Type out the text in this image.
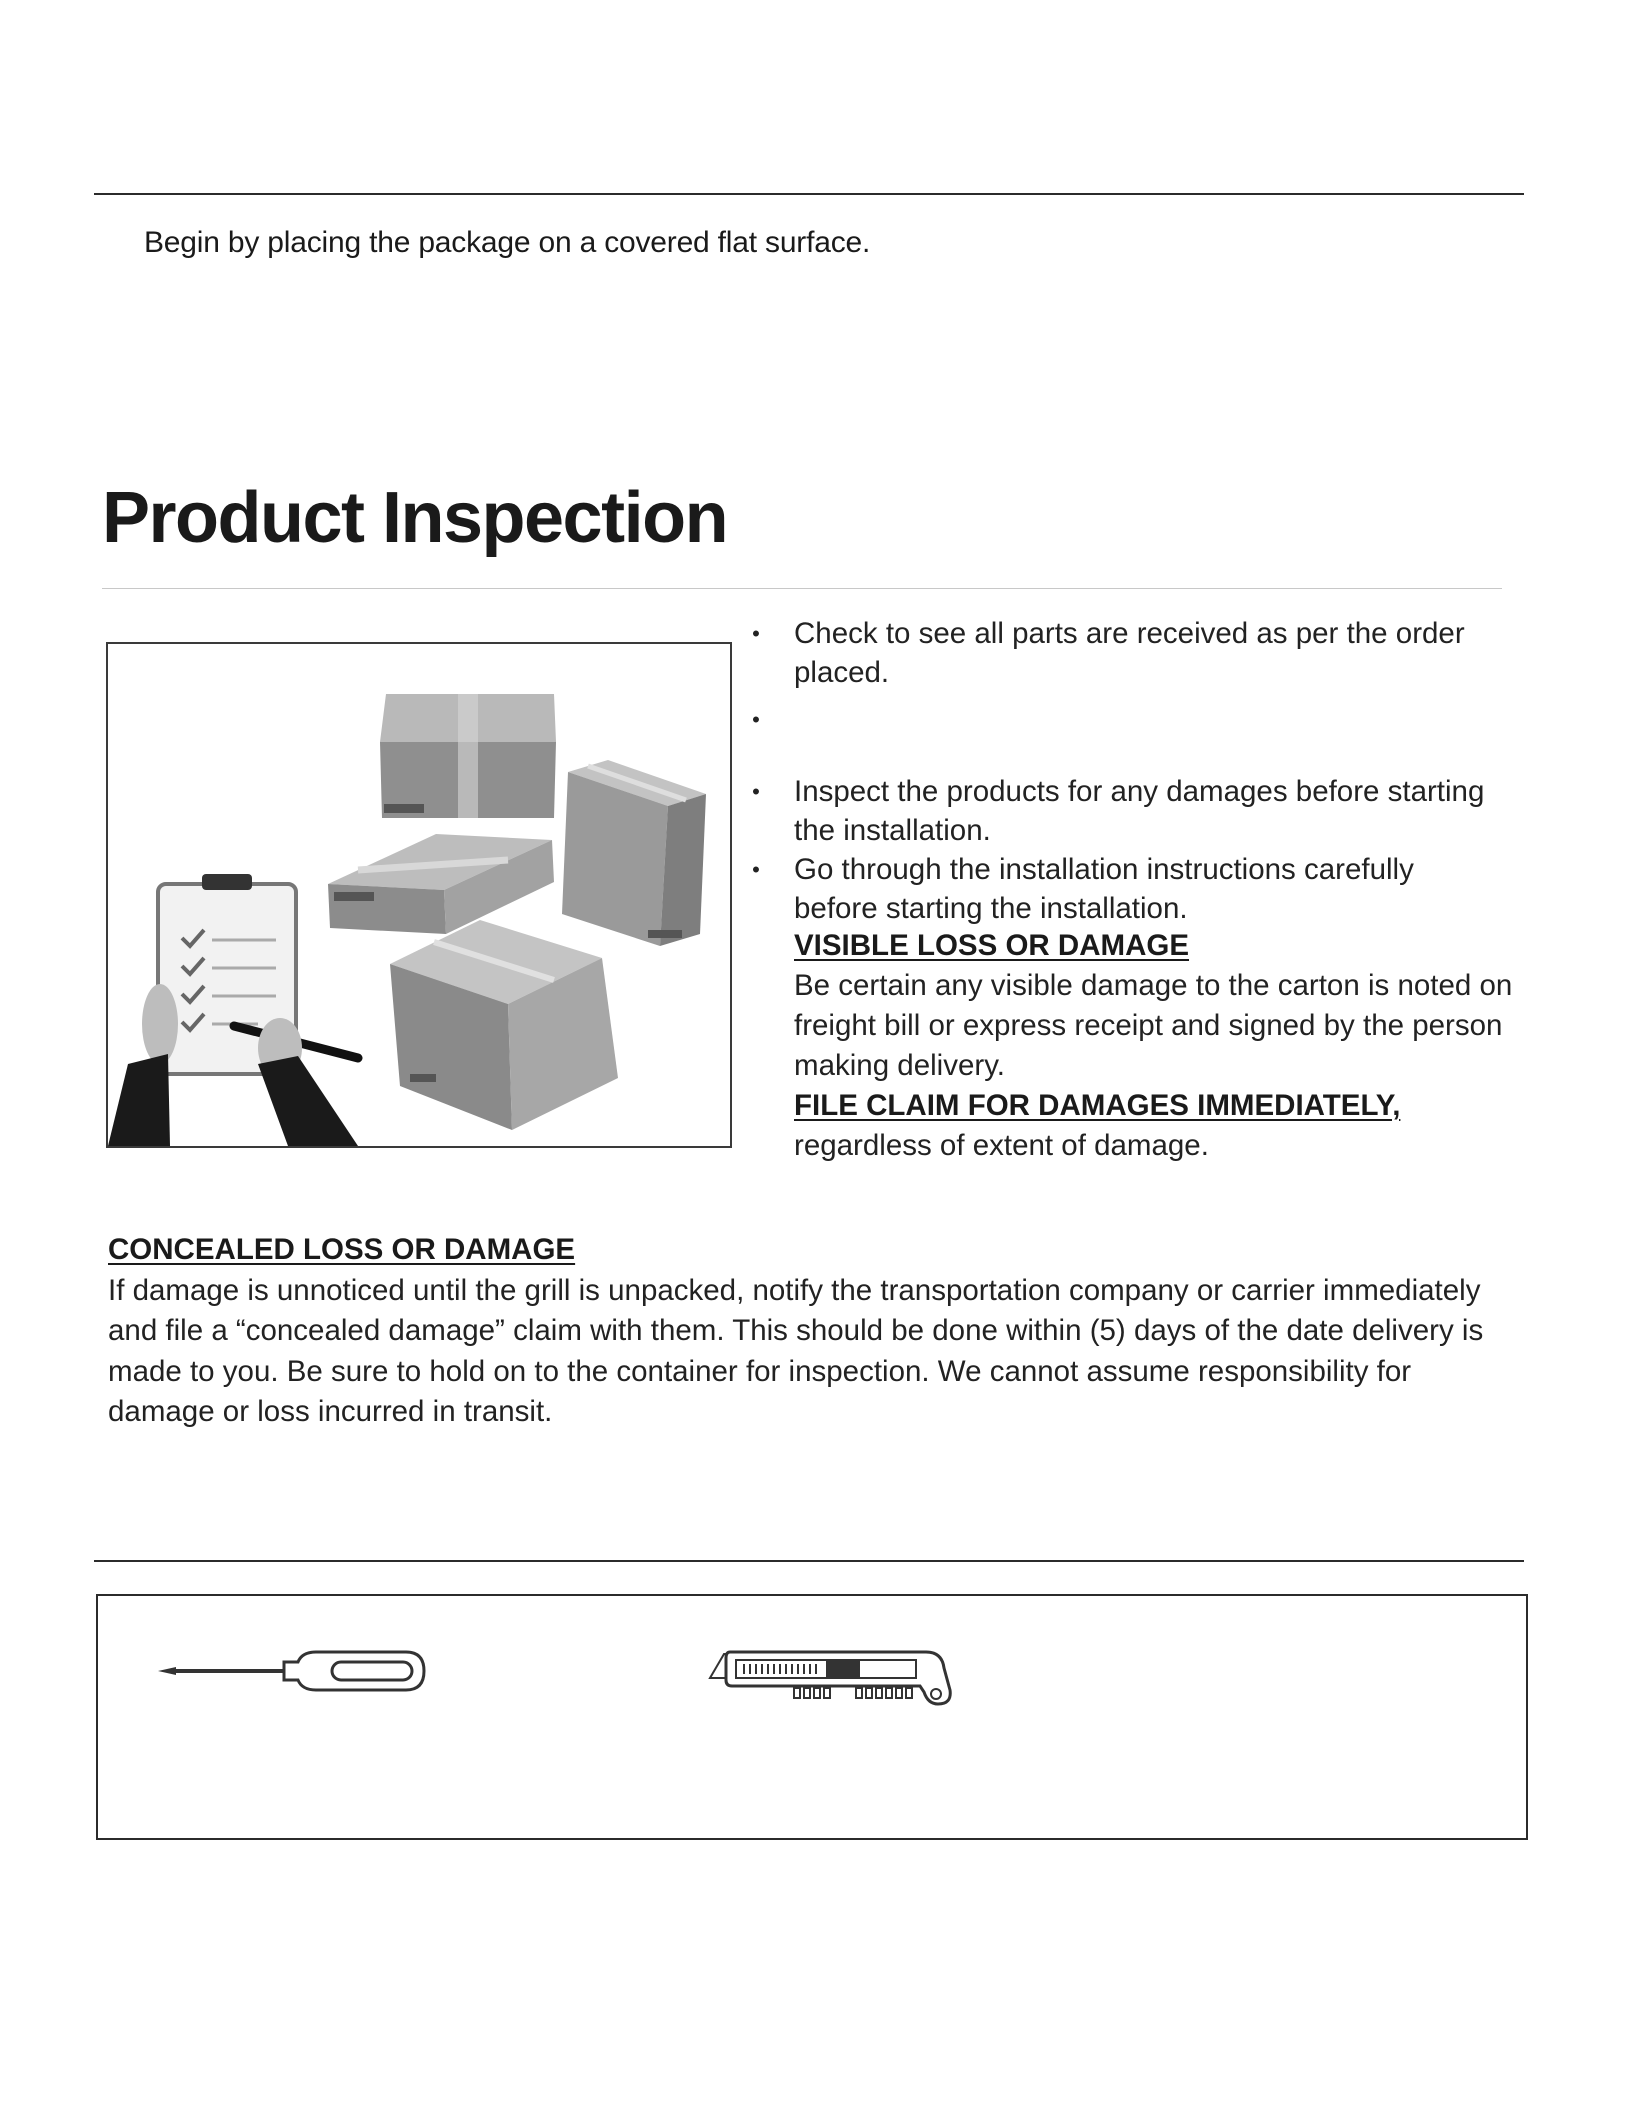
Begin by placing the package on a covered flat surface.
Product Inspection
• Check to see all parts are received as per the order placed.
•
• Inspect the products for any damages before starting the installation.
• Go through the installation instructions carefully before starting the installation.
VISIBLE LOSS OR DAMAGE
Be certain any visible damage to the carton is noted on freight bill or express receipt and signed by the person making delivery.
FILE CLAIM FOR DAMAGES IMMEDIATELY,
regardless of extent of damage.
CONCEALED LOSS OR DAMAGE
If damage is unnoticed until the grill is unpacked, notify the transportation company or carrier immediately and file a “concealed damage” claim with them. This should be done within (5) days of the date delivery is made to you. Be sure to hold on to the container for inspection. We cannot assume responsibility for damage or loss incurred in transit.
